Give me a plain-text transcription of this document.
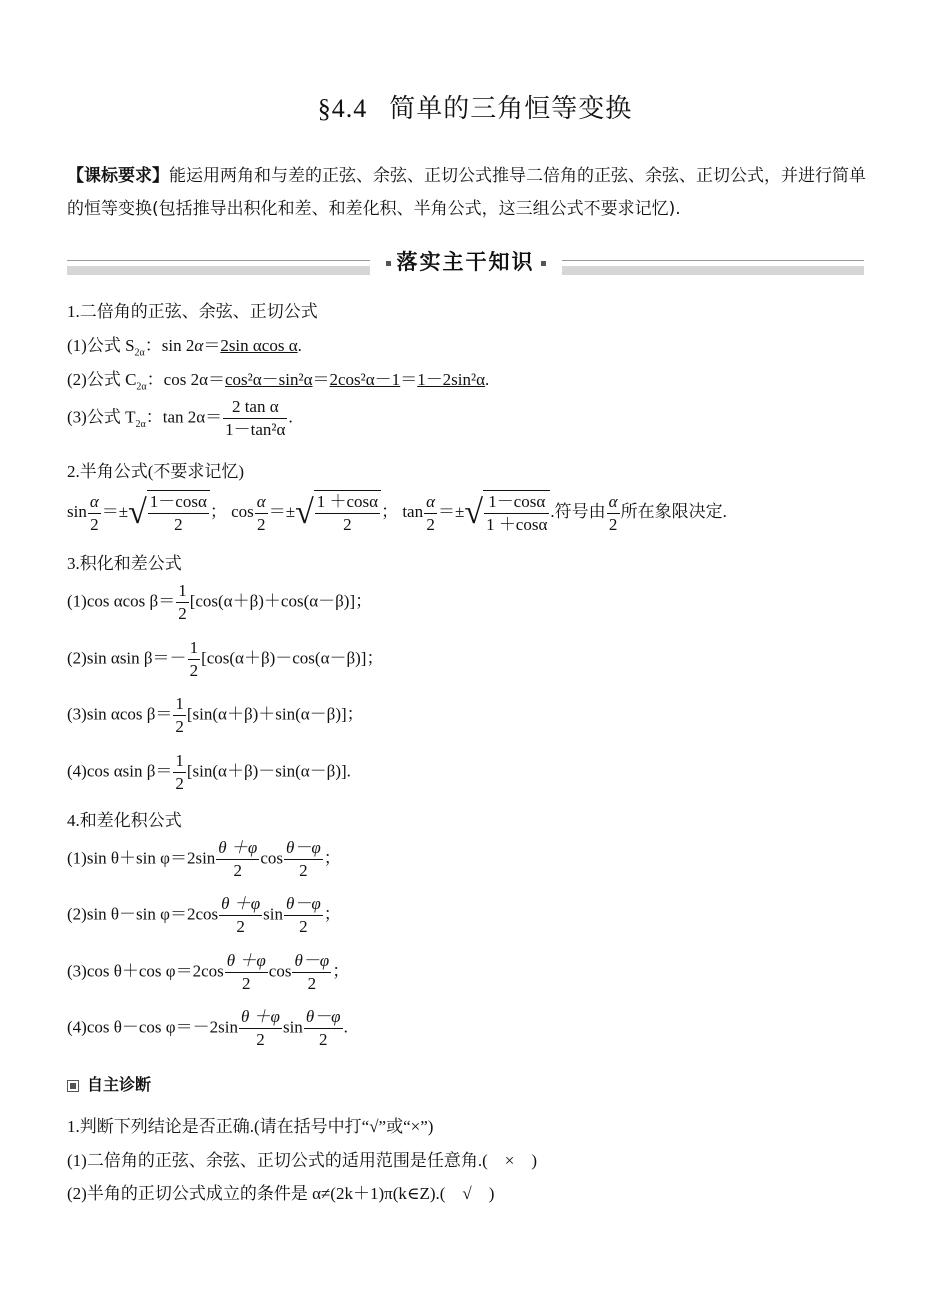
§4.4 简单的三角恒等变换
【课标要求】能运用两角和与差的正弦、余弦、正切公式推导二倍角的正弦、余弦、正切公式，并进行简单的恒等变换(包括推导出积化和差、和差化积、半角公式，这三组公式不要求记忆).
落实主干知识
1.二倍角的正弦、余弦、正切公式
(1)公式 $S_{2\alpha}$：sin 2α＝2sin αcos α.
(2)公式 $C_{2\alpha}$：cos 2α＝cos²α－sin²α＝2cos²α－1＝1－2sin²α.
(3)公式 $T_{2\alpha}$：$\tan 2\alpha= \frac{\text{2 tan α}}{\text{1－tan²α}}$ .
2.半角公式(不要求记忆)
$\sin \frac{\alpha}{2}$ ＝±√ $\frac{1-\cos\alpha}{2}$ ； $\cos \frac{\alpha}{2}$ ＝±√ $\frac{1 +\cos\alpha}{2}$ ； $\tan \frac{\alpha}{2}$ ＝±√ $\frac{1-\cos\alpha}{1 +\cos\alpha}$ .符号由 $\frac{\alpha}{2}$ 所在象限决定.
3.积化和差公式
(1)cos αcos $\beta= \frac{1}{2} [\cos(\alpha+\beta)+\cos(\alpha-\beta)]$；
(2)sin αsin $\beta=- \frac{1}{2} [\cos(\alpha+\beta)-\cos(\alpha-\beta)]$；
(3)sin αcos $\beta= \frac{1}{2} [\sin(\alpha+\beta)+\sin(\alpha-\beta)]$；
(4)cos αsin $\beta= \frac{1}{2} [\sin(\alpha+\beta)-\sin(\alpha-\beta)]$.
4.和差化积公式
(1)sin θ＋sin $\varphi=2\sin \frac{\theta +\varphi}{2}$ $\cos \frac{\theta-\varphi}{2}$ ；
(2)sin θ－sin $\varphi=2\cos \frac{\theta +\varphi}{2}$ $\sin \frac{\theta-\varphi}{2}$ ；
(3)cos θ＋cos $\varphi=2\cos \frac{\theta +\varphi}{2}$ $\cos \frac{\theta-\varphi}{2}$ ；
(4)cos θ－cos $\varphi=-2\sin \frac{\theta +\varphi}{2}$ $\sin \frac{\theta-\varphi}{2}$ .
自主诊断
1.判断下列结论是否正确.(请在括号中打“√”或“×”)
(1)二倍角的正弦、余弦、正切公式的适用范围是任意角.(　×　)
(2)半角的正切公式成立的条件是 α≠(2k＋1)π(k∈Z).(　√　)
